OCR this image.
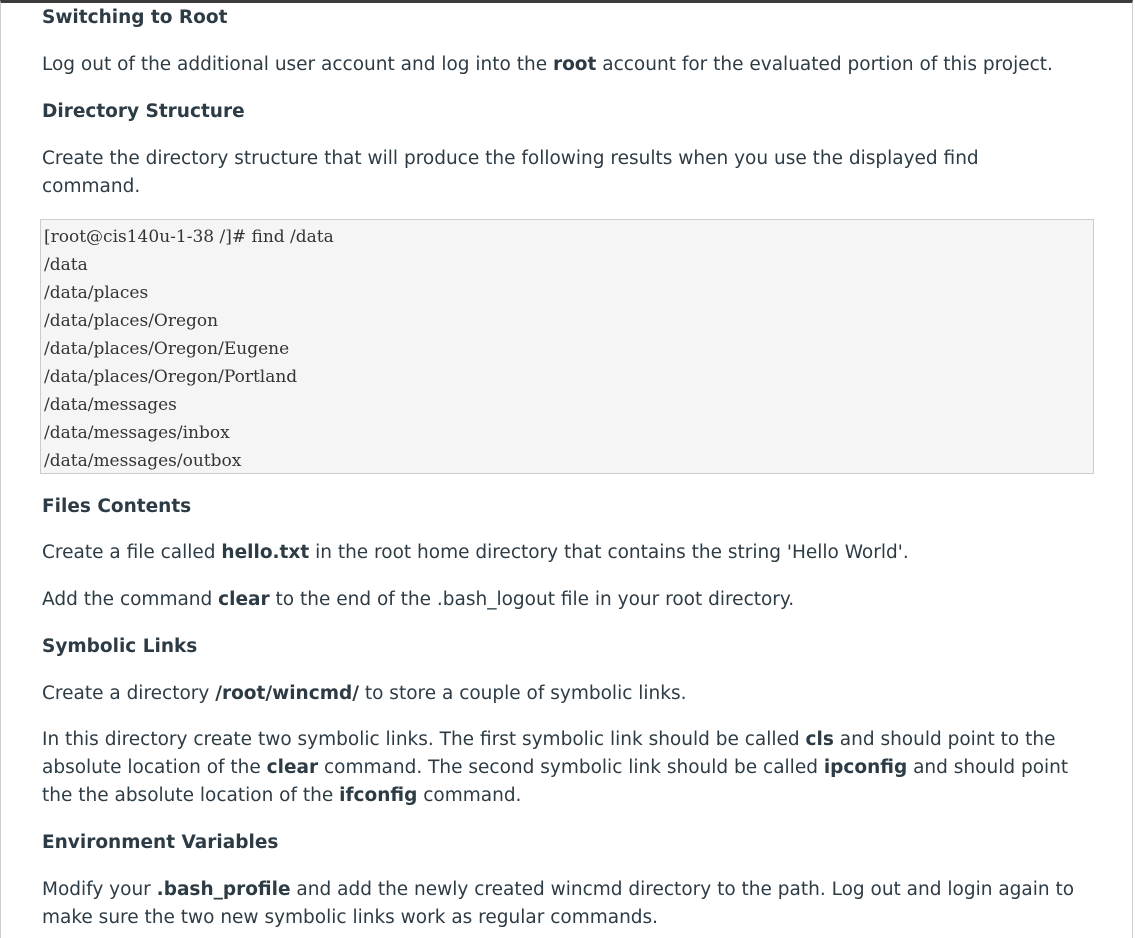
Switching to Root

Log out of the additional user account and log into the root account for the evaluated portion of this project.

Directory Structure

Create the directory structure that will produce the following results when you use the displayed find command.

Files Contents

Create a file called hello.txt in the root home directory that contains the string 'Hello World'.

Add the command clear to the end of the .bash_logout file in your root directory.

Symbolic Links

Create a directory /root/wincmd/ to store a couple of symbolic links.

In this directory create two symbolic links. The first symbolic link should be called cls and should point to the absolute location of the clear command. The second symbolic link should be called ipconfig and should point the the absolute location of the ifconfig command.

Environment Variables

Modify your .bash_profile and add the newly created wincmd directory to the path. Log out and login again to make sure the two new symbolic links work as regular commands.

[root@cis140u-1-38 /]# find /data
/data
/data/places
/data/places/Oregon
/data/places/Oregon/Eugene
/data/places/Oregon/Portland
/data/messages
/data/messages/inbox
/data/messages/outbox
